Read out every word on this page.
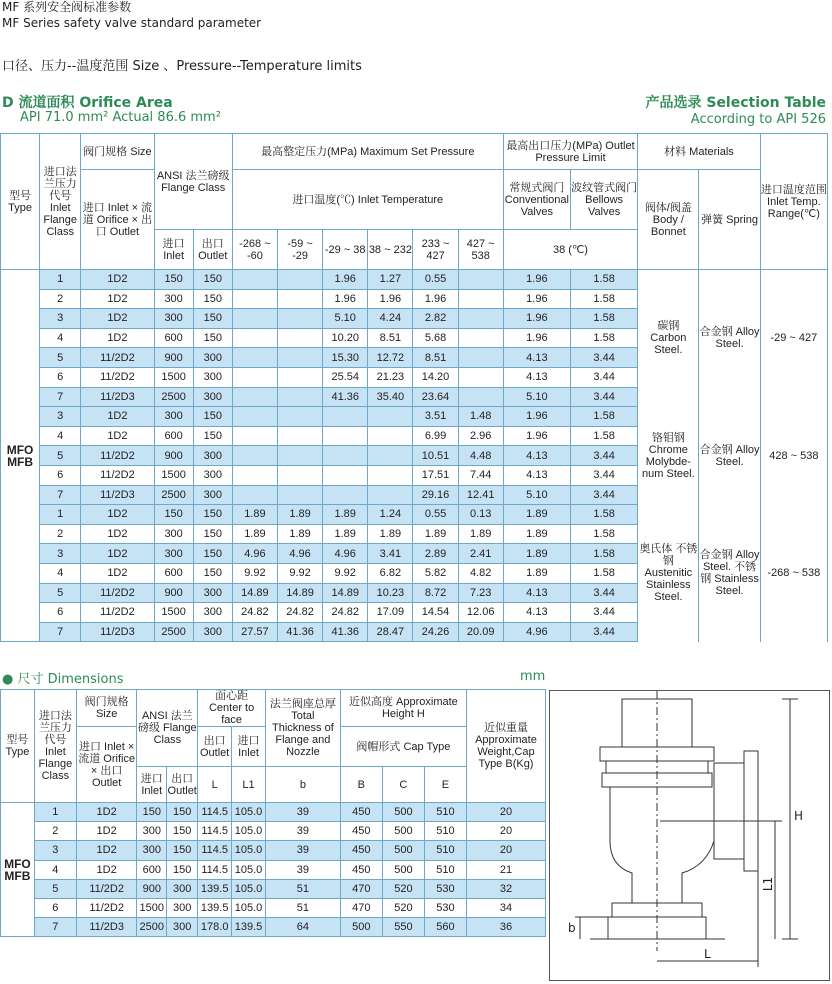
MF 系列安全阀标准参数
MF Series safety valve standard parameter
口径、压力--温度范围 Size 、Pressure--Temperature limits
D 流道面积 Orifice Area
API 71.0 mm² Actual 86.6 mm²
产品选录 Selection Table
According to API 526
型号 Type	进口法兰压力代号 Inlet Flange Class	阀门规格 Size	ANSI 法兰磅级 Flange Class		最高整定压力(MPa) Maximum Set Pressure						最高出口压力(MPa) Outlet Pressure Limit		材料 Materials		进口温度范围 Inlet Temp. Range(℃)
		进口 Inlet × 流道 Orifice × 出口 Outlet			进口温度(℃) Inlet Temperature						常规式阀门 Conventional Valves	波纹管式阀门 Bellows Valves	阀体/阀盖 Body / Bonnet	弹簧 Spring	
			进口 Inlet	出口 Outlet	-268 ~ -60	-59 ~ -29	-29 ~ 38	38 ~ 232	233 ~ 427	427 ~ 538	38 (℃)				
MFO MFB	1	1D2	150	150			1.96	1.27	0.55		1.96	1.58	碳钢 Carbon Steel.	合金钢 Alloy Steel.	-29 ~ 427
	2	1D2	300	150			1.96	1.96	1.96		1.96	1.58			
	3	1D2	300	150			5.10	4.24	2.82		1.96	1.58			
	4	1D2	600	150			10.20	8.51	5.68		1.96	1.58			
	5	11/2D2	900	300			15.30	12.72	8.51		4.13	3.44			
	6	11/2D2	1500	300			25.54	21.23	14.20		4.13	3.44			
	7	11/2D3	2500	300			41.36	35.40	23.64		5.10	3.44			
	3	1D2	300	150					3.51	1.48	1.96	1.58	铬钼钢 Chrome Molybde- num Steel.	合金钢 Alloy Steel.	428 ~ 538
	4	1D2	600	150					6.99	2.96	1.96	1.58			
	5	11/2D2	900	300					10.51	4.48	4.13	3.44			
	6	11/2D2	1500	300					17.51	7.44	4.13	3.44			
	7	11/2D3	2500	300					29.16	12.41	5.10	3.44			
	1	1D2	150	150	1.89	1.89	1.89	1.24	0.55	0.13	1.89	1.58	奥氏体 不锈钢 Austenitic Stainless Steel.	合金钢 Alloy Steel. 不锈钢 Stainless Steel.	-268 ~ 538
	2	1D2	300	150	1.89	1.89	1.89	1.89	1.89	1.89	1.89	1.58			
	3	1D2	300	150	4.96	4.96	4.96	3.41	2.89	2.41	1.89	1.58			
	4	1D2	600	150	9.92	9.92	9.92	6.82	5.82	4.82	1.89	1.58			
	5	11/2D2	900	300	14.89	14.89	14.89	10.23	8.72	7.23	4.13	3.44			
	6	11/2D2	1500	300	24.82	24.82	24.82	17.09	14.54	12.06	4.13	3.44			
	7	11/2D3	2500	300	27.57	41.36	41.36	28.47	24.26	20.09	4.96	3.44			
● 尺寸 Dimensions	mm
型号 Type	进口法兰压力代号 Inlet Flange Class	阀门规格 Size	ANSI 法兰磅级 Flange Class		面心距 Center to face		法兰阀座总厚 Total Thickness of Flange and Nozzle	近似高度 Approximate Height H			近似重量 Approximate Weight,Cap Type B(Kg)
		进口 Inlet × 流道 Orifice × 出口 Outlet			出口 Outlet	进口 Inlet		阀帽形式 Cap Type			
			进口 Inlet	出口 Outlet	L	L1	b	B	C	E	
MFO MFB	1	1D2	150	150	114.5	105.0	39	450	500	510	20
	2	1D2	300	150	114.5	105.0	39	450	500	510	20
	3	1D2	300	150	114.5	105.0	39	450	500	510	20
	4	1D2	600	150	114.5	105.0	39	450	500	510	21
	5	11/2D2	900	300	139.5	105.0	51	470	520	530	32
	6	11/2D2	1500	300	139.5	105.0	51	470	520	530	34
	7	11/2D3	2500	300	178.0	139.5	64	500	550	560	36
H
L1
b
L
